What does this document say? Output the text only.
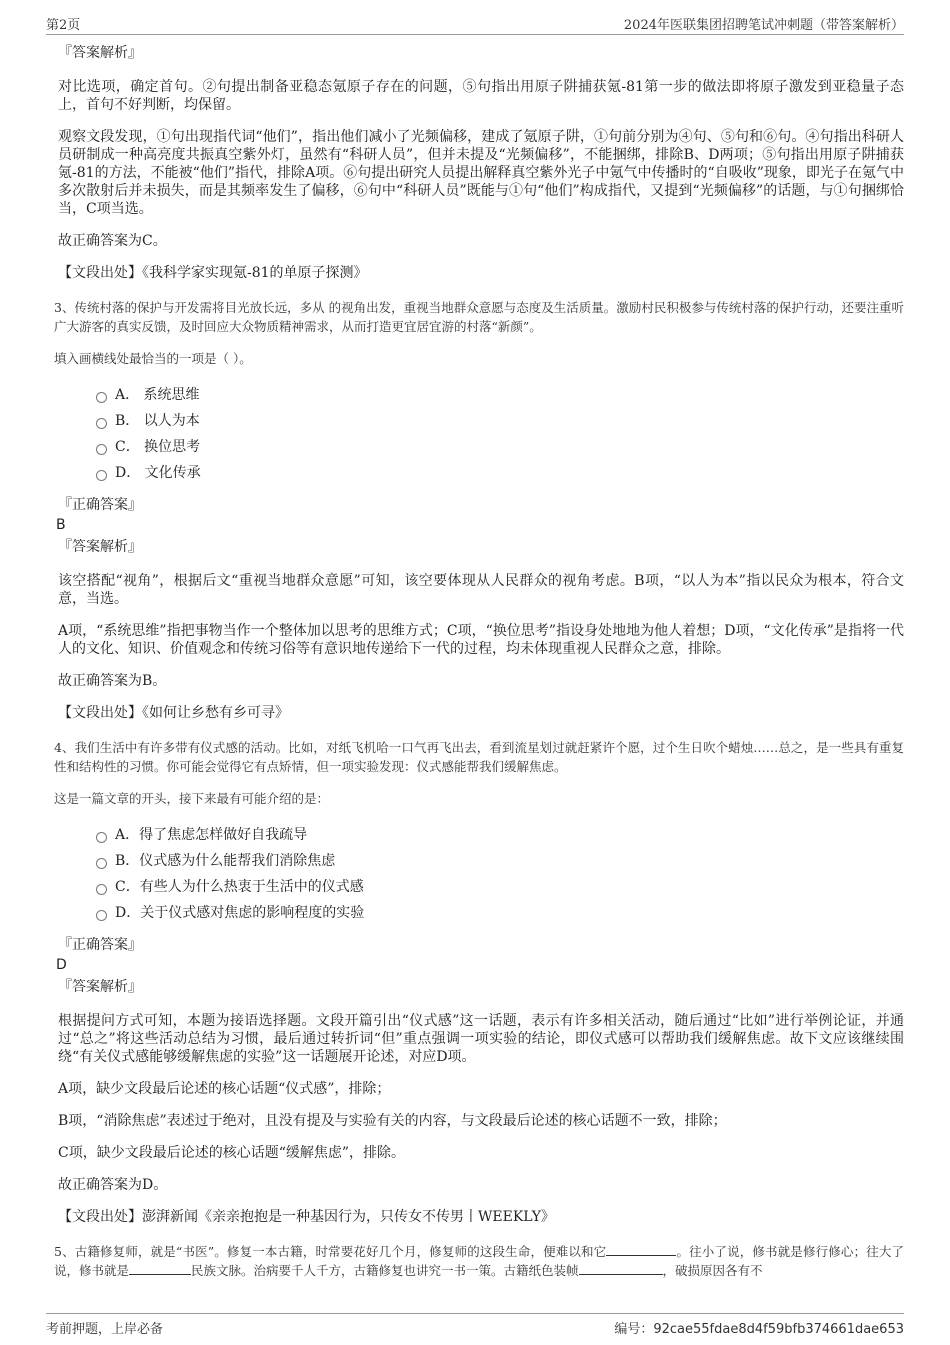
第2页	2024年医联集团招聘笔试冲刺题（带答案解析）
『答案解析』

对比选项，确定首句。②句提出制备亚稳态氪原子存在的问题，⑤句指出用原子阱捕获氪-81第一步的做法即将原子激发到亚稳量子态上，首句不好判断，均保留。

观察文段发现，①句出现指代词“他们”，指出他们减小了光频偏移，建成了氪原子阱，①句前分别为④句、⑤句和⑥句。④句指出科研人员研制成一种高亮度共振真空紫外灯，虽然有“科研人员”，但并未提及“光频偏移”，不能捆绑，排除B、D两项；⑤句指出用原子阱捕获氪-81的方法，不能被“他们”指代，排除A项。⑥句提出研究人员提出解释真空紫外光子中氪气中传播时的“自吸收”现象，即光子在氪气中多次散射后并未损失，而是其频率发生了偏移，⑥句中“科研人员”既能与①句“他们”构成指代，又提到“光频偏移”的话题，与①句捆绑恰当，C项当选。

故正确答案为C。

【文段出处】《我科学家实现氪-81的单原子探测》

3、传统村落的保护与开发需将目光放长远，多从 的视角出发，重视当地群众意愿与态度及生活质量。激励村民积极参与传统村落的保护行动，还要注重听广大游客的真实反馈，及时回应大众物质精神需求，从而打造更宜居宜游的村落“新颜”。

填入画横线处最恰当的一项是（ ）。

A． 系统思维
B． 以人为本
C． 换位思考
D． 文化传承
『正确答案』
B
『答案解析』

该空搭配“视角”，根据后文“重视当地群众意愿”可知，该空要体现从人民群众的视角考虑。B项，“以人为本”指以民众为根本，符合文意，当选。

A项，“系统思维”指把事物当作一个整体加以思考的思维方式；C项，“换位思考”指设身处地地为他人着想；D项，“文化传承”是指将一代人的文化、知识、价值观念和传统习俗等有意识地传递给下一代的过程，均未体现重视人民群众之意，排除。

故正确答案为B。

【文段出处】《如何让乡愁有乡可寻》

4、我们生活中有许多带有仪式感的活动。比如，对纸飞机哈一口气再飞出去，看到流星划过就赶紧许个愿，过个生日吹个蜡烛……总之，是一些具有重复性和结构性的习惯。你可能会觉得它有点矫情，但一项实验发现：仪式感能帮我们缓解焦虑。

这是一篇文章的开头，接下来最有可能介绍的是：

A．得了焦虑怎样做好自我疏导
B．仪式感为什么能帮我们消除焦虑
C．有些人为什么热衷于生活中的仪式感
D．关于仪式感对焦虑的影响程度的实验
『正确答案』
D
『答案解析』

根据提问方式可知，本题为接语选择题。文段开篇引出“仪式感”这一话题，表示有许多相关活动，随后通过“比如”进行举例论证，并通过“总之”将这些活动总结为习惯，最后通过转折词“但”重点强调一项实验的结论，即仪式感可以帮助我们缓解焦虑。故下文应该继续围绕“有关仪式感能够缓解焦虑的实验”这一话题展开论述，对应D项。

A项，缺少文段最后论述的核心话题“仪式感”，排除；

B项，“消除焦虑”表述过于绝对，且没有提及与实验有关的内容，与文段最后论述的核心话题不一致，排除；

C项，缺少文段最后论述的核心话题“缓解焦虑”，排除。

故正确答案为D。

【文段出处】澎湃新闻《亲亲抱抱是一种基因行为，只传女不传男丨WEEKLY》

5、古籍修复师，就是“书医”。修复一本古籍，时常要花好几个月，修复师的这段生命，便难以和它	。往小了说，修书就是修行修心；往大了说，修书就是	民族文脉。治病要千人千方，古籍修复也讲究一书一策。古籍纸色装帧	，破损原因各有不

考前押题，上岸必备	编号：92cae55fdae8d4f59bfb374661dae653
